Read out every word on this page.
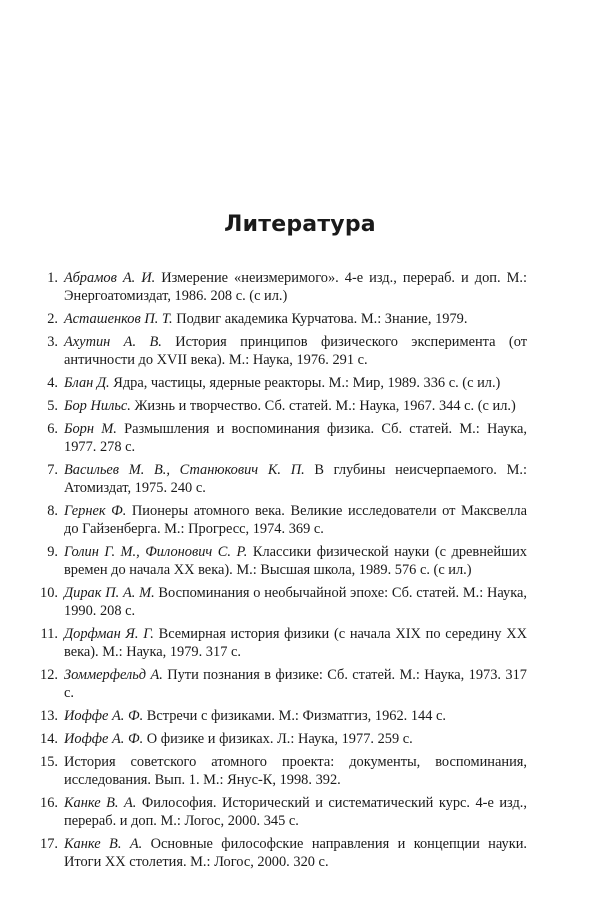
Литература
1. Абрамов А. И. Измерение «неизмеримого». 4-е изд., перераб. и доп. М.: Энергоатомиздат, 1986. 208 с. (с ил.)
2. Асташенков П. Т. Подвиг академика Курчатова. М.: Знание, 1979.
3. Ахутин А. В. История принципов физического эксперимента (от античности до XVII века). М.: Наука, 1976. 291 с.
4. Блан Д. Ядра, частицы, ядерные реакторы. М.: Мир, 1989. 336 с. (с ил.)
5. Бор Нильс. Жизнь и творчество. Сб. статей. М.: Наука, 1967. 344 с. (с ил.)
6. Борн М. Размышления и воспоминания физика. Сб. статей. М.: Наука, 1977. 278 с.
7. Васильев М. В., Станюкович К. П. В глубины неисчерпаемого. М.: Атомиздат, 1975. 240 с.
8. Гернек Ф. Пионеры атомного века. Великие исследователи от Максвелла до Гайзенберга. М.: Прогресс, 1974. 369 с.
9. Голин Г. М., Филонович С. Р. Классики физической науки (с древнейших времен до начала XX века). М.: Высшая школа, 1989. 576 с. (с ил.)
10. Дирак П. А. М. Воспоминания о необычайной эпохе: Сб. статей. М.: Наука, 1990. 208 с.
11. Дорфман Я. Г. Всемирная история физики (с начала XIX по середину XX века). М.: Наука, 1979. 317 с.
12. Зоммерфельд А. Пути познания в физике: Сб. статей. М.: Наука, 1973. 317 с.
13. Иоффе А. Ф. Встречи с физиками. М.: Физматгиз, 1962. 144 с.
14. Иоффе А. Ф. О физике и физиках. Л.: Наука, 1977. 259 с.
15. История советского атомного проекта: документы, воспоминания, исследования. Вып. 1. М.: Янус-К, 1998. 392.
16. Канке В. А. Философия. Исторический и систематический курс. 4-е изд., перераб. и доп. М.: Логос, 2000. 345 с.
17. Канке В. А. Основные философские направления и концепции науки. Итоги XX столетия. М.: Логос, 2000. 320 с.
